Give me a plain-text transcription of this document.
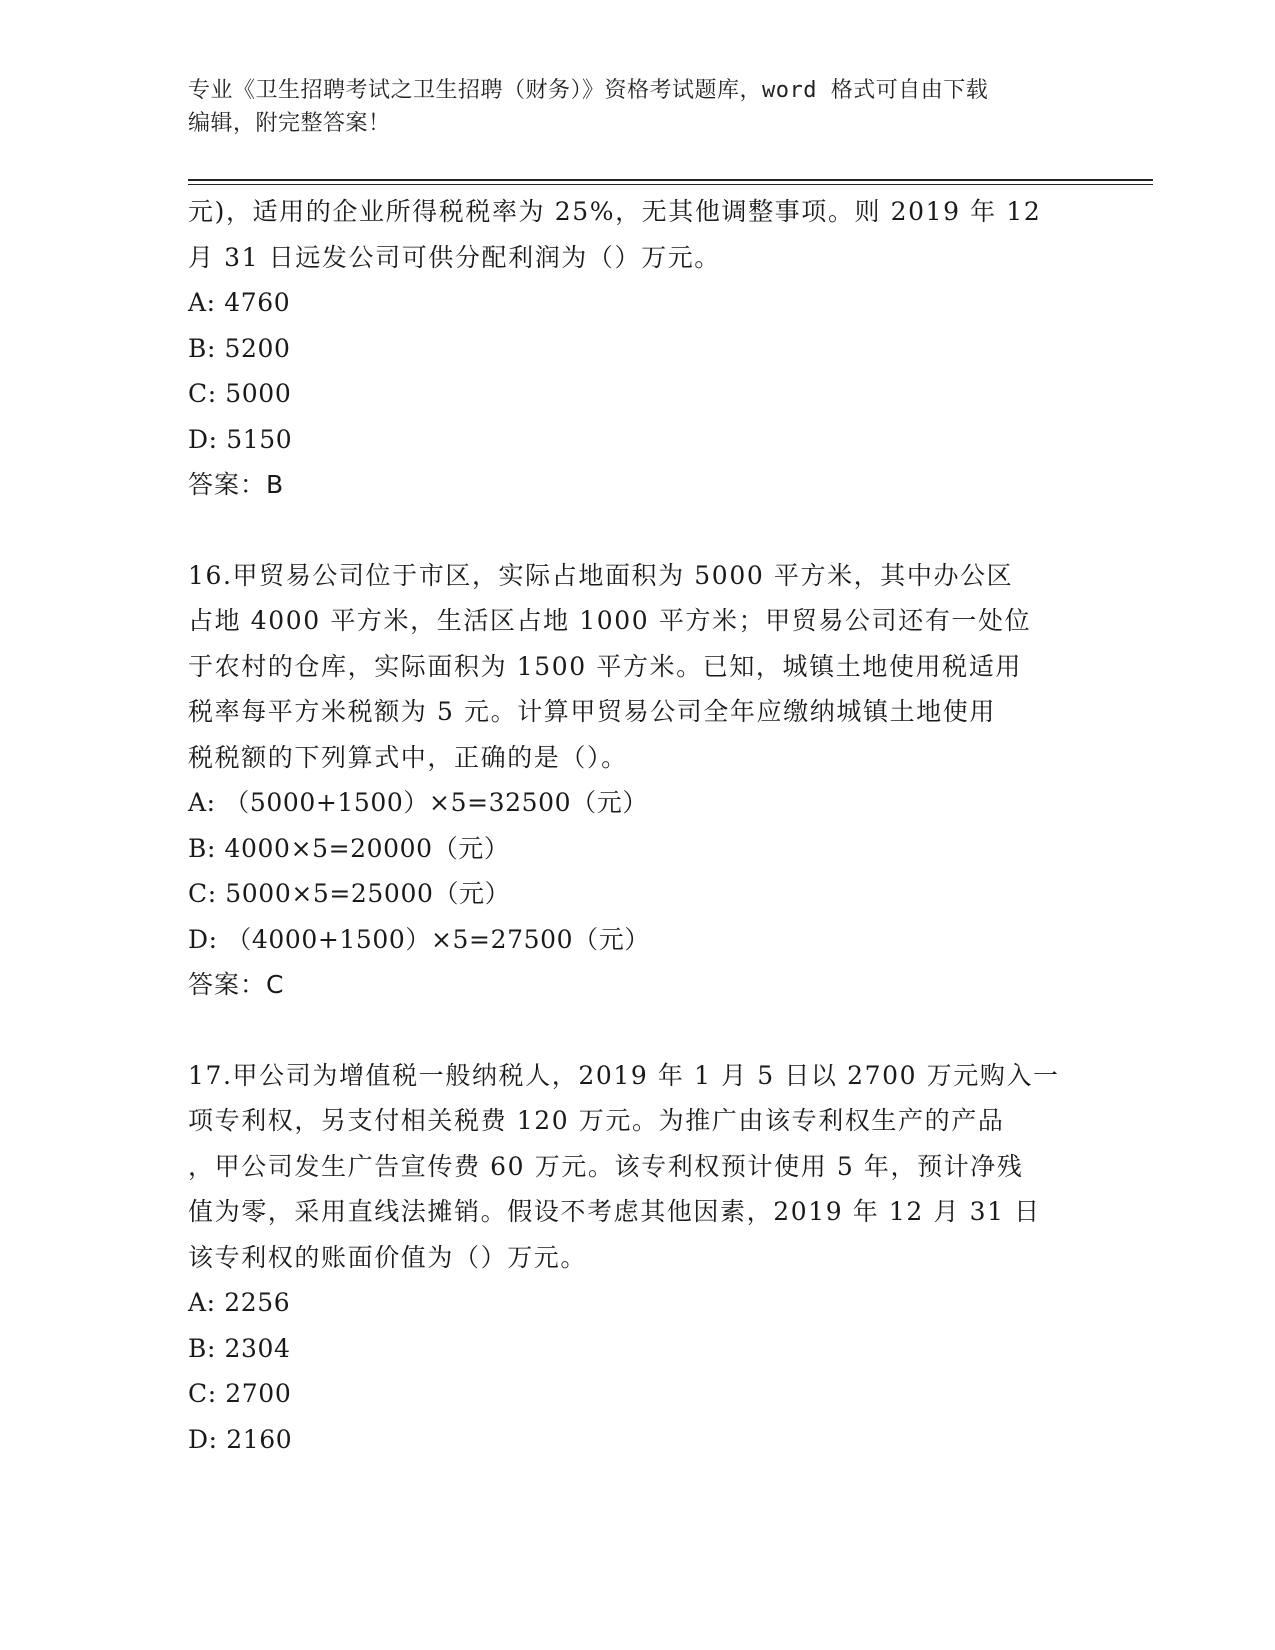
专业《卫生招聘考试之卫生招聘（财务）》资格考试题库，word 格式可自由下载
编辑，附完整答案！
元)，适用的企业所得税税率为 25%，无其他调整事项。则 2019 年 12
月 31 日远发公司可供分配利润为（）万元。

A: 4760

B: 5200

C: 5000

D: 5150

答案：B

16.甲贸易公司位于市区，实际占地面积为 5000 平方米，其中办公区
占地 4000 平方米，生活区占地 1000 平方米；甲贸易公司还有一处位
于农村的仓库，实际面积为 1500 平方米。已知，城镇土地使用税适用
税率每平方米税额为 5 元。计算甲贸易公司全年应缴纳城镇土地使用
税税额的下列算式中，正确的是（）。

A: （5000+1500）×5=32500（元）

B: 4000×5=20000（元）

C: 5000×5=25000（元）

D: （4000+1500）×5=27500（元）

答案：C

17.甲公司为增值税一般纳税人，2019 年 1 月 5 日以 2700 万元购入一
项专利权，另支付相关税费 120 万元。为推广由该专利权生产的产品
，甲公司发生广告宣传费 60 万元。该专利权预计使用 5 年，预计净残
值为零，采用直线法摊销。假设不考虑其他因素，2019 年 12 月 31 日
该专利权的账面价值为（）万元。

A: 2256

B: 2304

C: 2700

D: 2160
